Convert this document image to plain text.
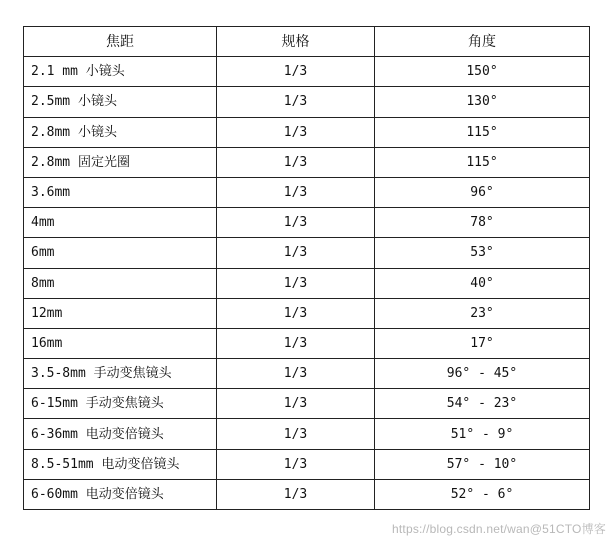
焦距	规格	角度
2.1 mm 小镜头	1/3	150°
2.5mm 小镜头	1/3	130°
2.8mm 小镜头	1/3	115°
2.8mm 固定光圈	1/3	115°
3.6mm	1/3	96°
4mm	1/3	78°
6mm	1/3	53°
8mm	1/3	40°
12mm	1/3	23°
16mm	1/3	17°
3.5-8mm 手动变焦镜头	1/3	96° - 45°
6-15mm 手动变焦镜头	1/3	54° - 23°
6-36mm 电动变倍镜头	1/3	51° - 9°
8.5-51mm 电动变倍镜头	1/3	57° - 10°
6-60mm 电动变倍镜头	1/3	52° - 6°
https://blog.csdn.net/wan@51CTO博客
